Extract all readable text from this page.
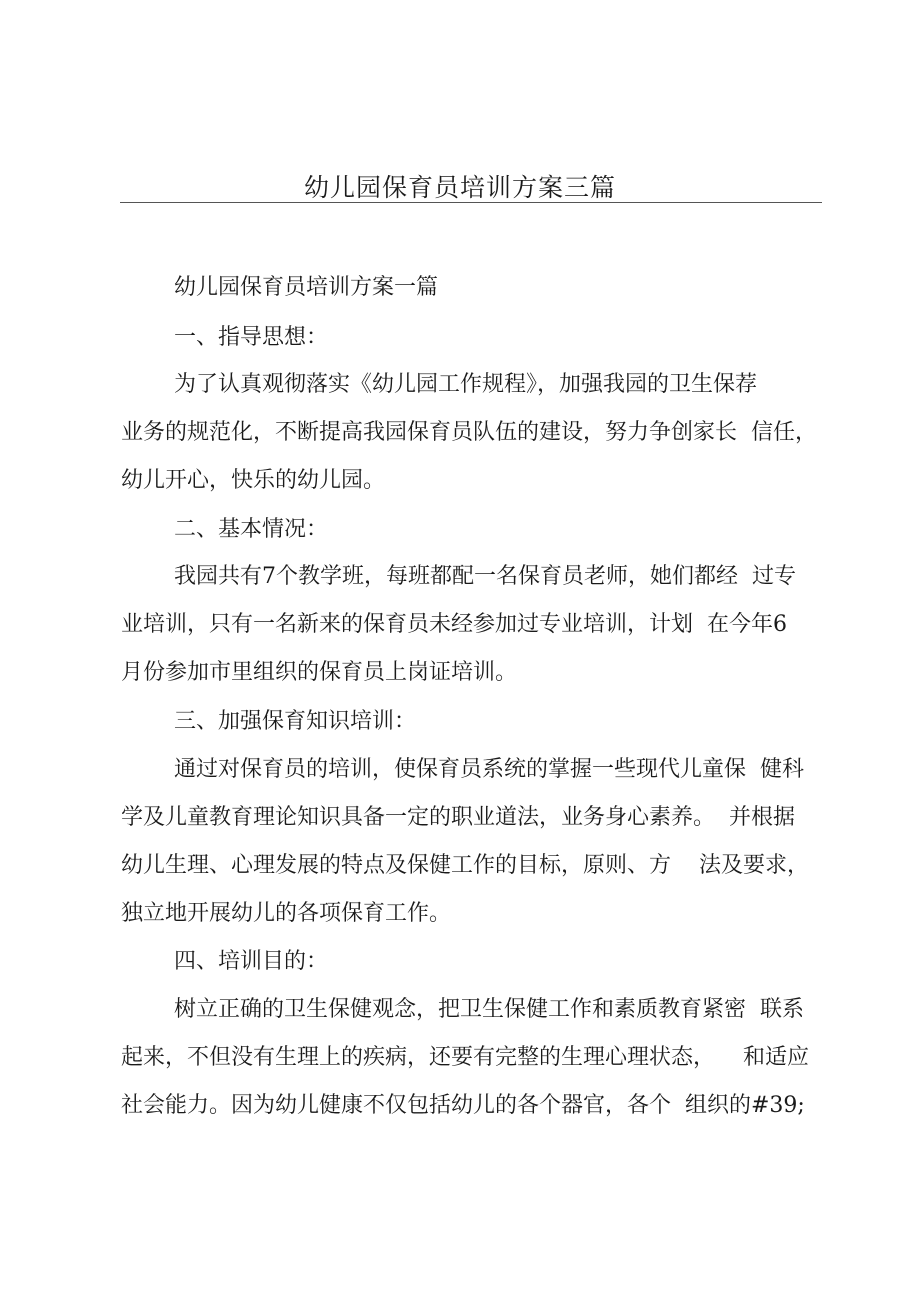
幼儿园保育员培训方案三篇

幼儿园保育员培训方案一篇

一、指导思想：

为了认真观彻落实《幼儿园工作规程》，加强我园的卫生保荐

业务的规范化，不断提高我园保育员队伍的建设，努力争创家长  信任，

幼儿开心，快乐的幼儿园。

二、基本情况：

我园共有7个教学班，每班都配一名保育员老师，她们都经  过专

业培训，只有一名新来的保育员未经参加过专业培训，计划  在今年6

月份参加市里组织的保育员上岗证培训。

三、加强保育知识培训：

通过对保育员的培训，使保育员系统的掌握一些现代儿童保  健科

学及儿童教育理论知识具备一定的职业道法，业务身心素养。  并根据

幼儿生理、心理发展的特点及保健工作的目标，原则、方    法及要求，

独立地开展幼儿的各项保育工作。

四、培训目的：

树立正确的卫生保健观念，把卫生保健工作和素质教育紧密  联系

起来，不但没有生理上的疾病，还要有完整的生理心理状态，    和适应

社会能力。因为幼儿健康不仅包括幼儿的各个器官，各个  组织的#39;
